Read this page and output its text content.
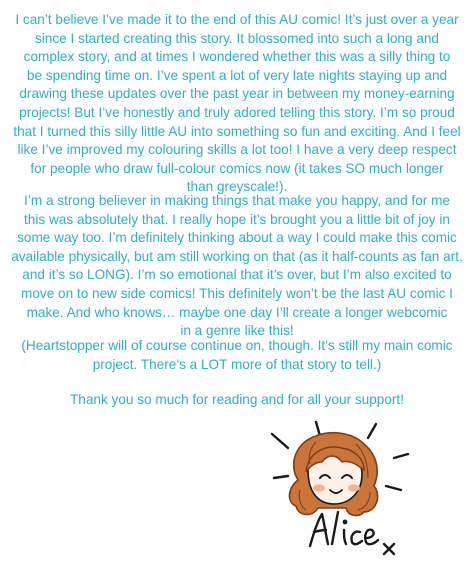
I can’t believe I’ve made it to the end of this AU comic! It’s just over a year
since I started creating this story. It blossomed into such a long and
complex story, and at times I wondered whether this was a silly thing to
be spending time on. I’ve spent a lot of very late nights staying up and
drawing these updates over the past year in between my money-earning
projects! But I’ve honestly and truly adored telling this story. I’m so proud
that I turned this silly little AU into something so fun and exciting. And I feel
like I’ve improved my colouring skills a lot too! I have a very deep respect
for people who draw full-colour comics now (it takes SO much longer
than greyscale!).

I’m a strong believer in making things that make you happy, and for me
this was absolutely that. I really hope it’s brought you a little bit of joy in
some way too. I’m definitely thinking about a way I could make this comic
available physically, but am still working on that (as it half-counts as fan art,
and it’s so LONG). I’m so emotional that it’s over, but I’m also excited to
move on to new side comics! This definitely won’t be the last AU comic I
make. And who knows… maybe one day I’ll create a longer webcomic
in a genre like this!

(Heartstopper will of course continue on, though. It’s still my main comic
project. There’s a LOT more of that story to tell.)

Thank you so much for reading and for all your support!
